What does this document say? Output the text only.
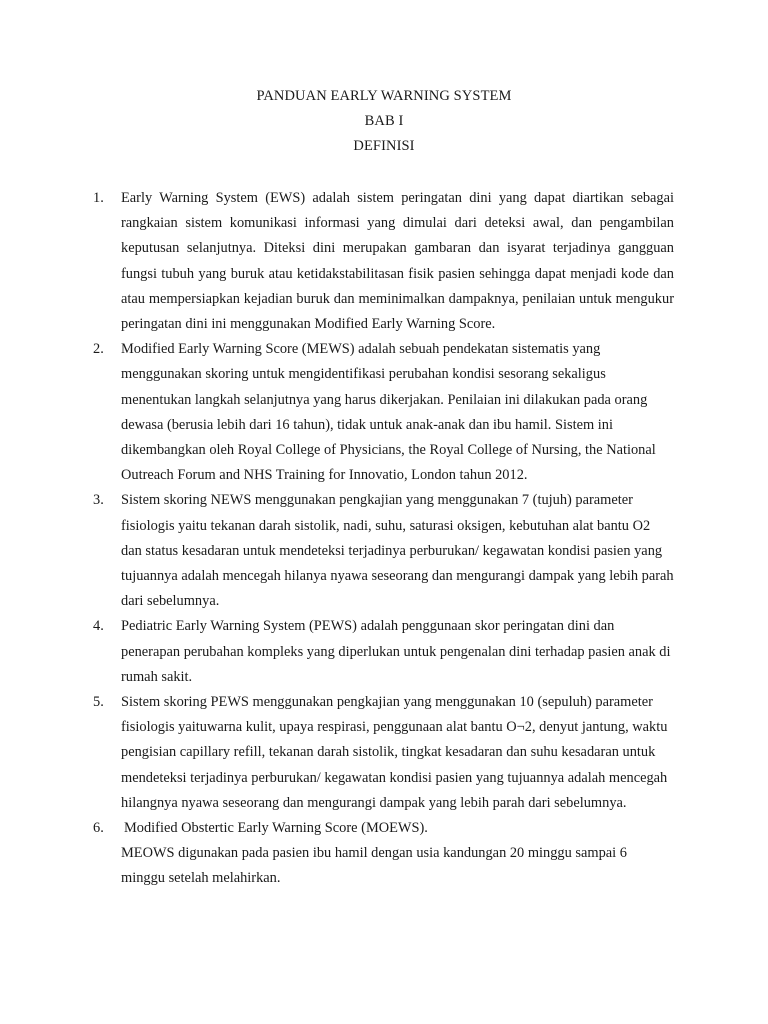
PANDUAN EARLY WARNING SYSTEM
BAB I
DEFINISI
1. Early Warning System (EWS) adalah sistem peringatan dini yang dapat diartikan sebagai rangkaian sistem komunikasi informasi yang dimulai dari deteksi awal, dan pengambilan keputusan selanjutnya. Diteksi dini merupakan gambaran dan isyarat terjadinya gangguan fungsi tubuh yang buruk atau ketidakstabilitasan fisik pasien sehingga dapat menjadi kode dan atau mempersiapkan kejadian buruk dan meminimalkan dampaknya, penilaian untuk mengukur peringatan dini ini menggunakan Modified Early Warning Score.
2. Modified Early Warning Score (MEWS) adalah sebuah pendekatan sistematis yang menggunakan skoring untuk mengidentifikasi perubahan kondisi sesorang sekaligus menentukan langkah selanjutnya yang harus dikerjakan. Penilaian ini dilakukan pada orang dewasa (berusia lebih dari 16 tahun), tidak untuk anak-anak dan ibu hamil. Sistem ini dikembangkan oleh Royal College of Physicians, the Royal College of Nursing, the National Outreach Forum and NHS Training for Innovatio, London tahun 2012.
3. Sistem skoring NEWS menggunakan pengkajian yang menggunakan 7 (tujuh) parameter fisiologis yaitu tekanan darah sistolik, nadi, suhu, saturasi oksigen, kebutuhan alat bantu O2 dan status kesadaran untuk mendeteksi terjadinya perburukan/ kegawatan kondisi pasien yang tujuannya adalah mencegah hilanya nyawa seseorang dan mengurangi dampak yang lebih parah dari sebelumnya.
4. Pediatric Early Warning System (PEWS) adalah penggunaan skor peringatan dini dan penerapan perubahan kompleks yang diperlukan untuk pengenalan dini terhadap pasien anak di rumah sakit.
5. Sistem skoring PEWS menggunakan pengkajian yang menggunakan 10 (sepuluh) parameter fisiologis yaituwarna kulit, upaya respirasi, penggunaan alat bantu O¬2, denyut jantung, waktu pengisian capillary refill, tekanan darah sistolik, tingkat kesadaran dan suhu kesadaran untuk mendeteksi terjadinya perburukan/ kegawatan kondisi pasien yang tujuannya adalah mencegah hilangnya nyawa seseorang dan mengurangi dampak yang lebih parah dari sebelumnya.
6. Modified Obstertic Early Warning Score (MOEWS).
MEOWS digunakan pada pasien ibu hamil dengan usia kandungan 20 minggu sampai 6 minggu setelah melahirkan.
